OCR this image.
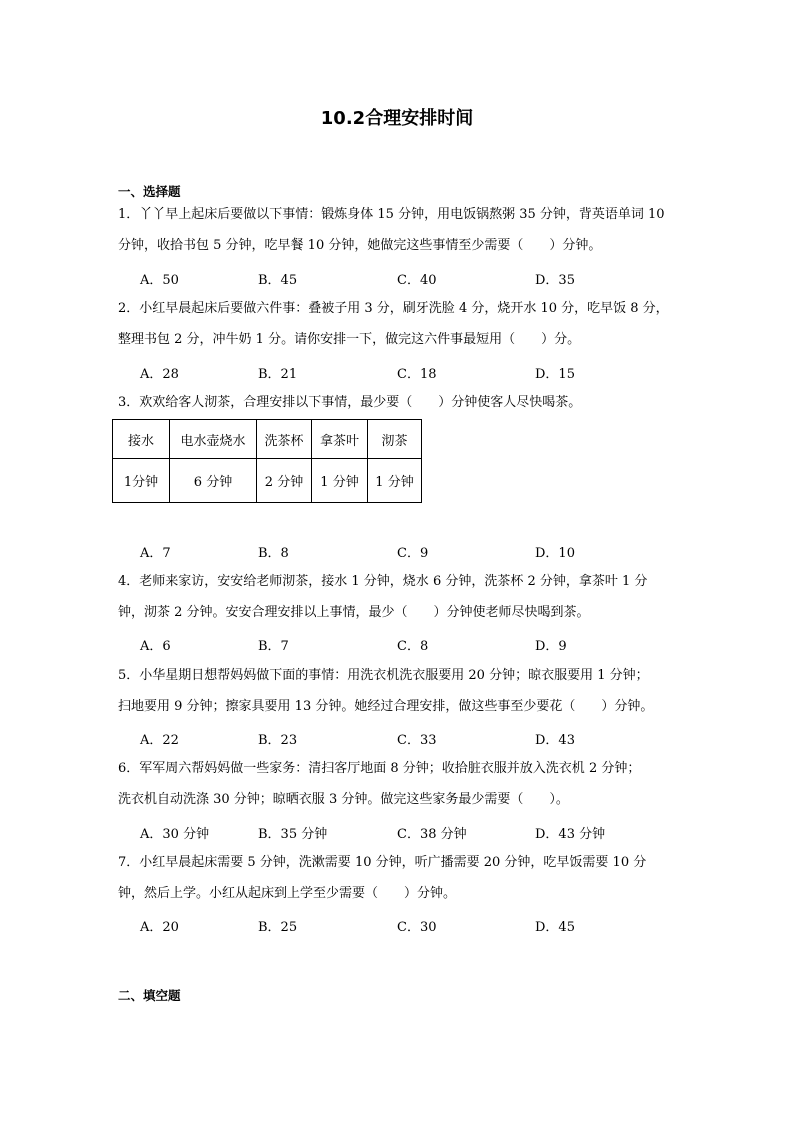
10.2合理安排时间
一、选择题
1．丫丫早上起床后要做以下事情：锻炼身体 15 分钟，用电饭锅熬粥 35 分钟，背英语单词 10
分钟，收拾书包 5 分钟，吃早餐 10 分钟，她做完这些事情至少需要（　　）分钟。
A．50	B．45	C．40	D．35
2．小红早晨起床后要做六件事：叠被子用 3 分，刷牙洗脸 4 分，烧开水 10 分，吃早饭 8 分，
整理书包 2 分，冲牛奶 1 分。请你安排一下，做完这六件事最短用（　　）分。
A．28	B．21	C．18	D．15
3．欢欢给客人沏茶，合理安排以下事情，最少要（　　）分钟使客人尽快喝茶。
接水	电水壶烧水	洗茶杯	拿茶叶	沏茶
1分钟	6 分钟	2 分钟	1 分钟	1 分钟
A．7	B．8	C．9	D．10
4．老师来家访，安安给老师沏茶，接水 1 分钟，烧水 6 分钟，洗茶杯 2 分钟，拿茶叶 1 分
钟，沏茶 2 分钟。安安合理安排以上事情，最少（　　）分钟使老师尽快喝到茶。
A．6	B．7	C．8	D．9
5．小华星期日想帮妈妈做下面的事情：用洗衣机洗衣服要用 20 分钟；晾衣服要用 1 分钟；
扫地要用 9 分钟；擦家具要用 13 分钟。她经过合理安排，做这些事至少要花（　　）分钟。
A．22	B．23	C．33	D．43
6．军军周六帮妈妈做一些家务：清扫客厅地面 8 分钟；收拾脏衣服并放入洗衣机 2 分钟；
洗衣机自动洗涤 30 分钟；晾晒衣服 3 分钟。做完这些家务最少需要（　　）。
A．30 分钟	B．35 分钟	C．38 分钟	D．43 分钟
7．小红早晨起床需要 5 分钟，洗漱需要 10 分钟，听广播需要 20 分钟，吃早饭需要 10 分
钟，然后上学。小红从起床到上学至少需要（　　）分钟。
A．20	B．25	C．30	D．45
二、填空题
